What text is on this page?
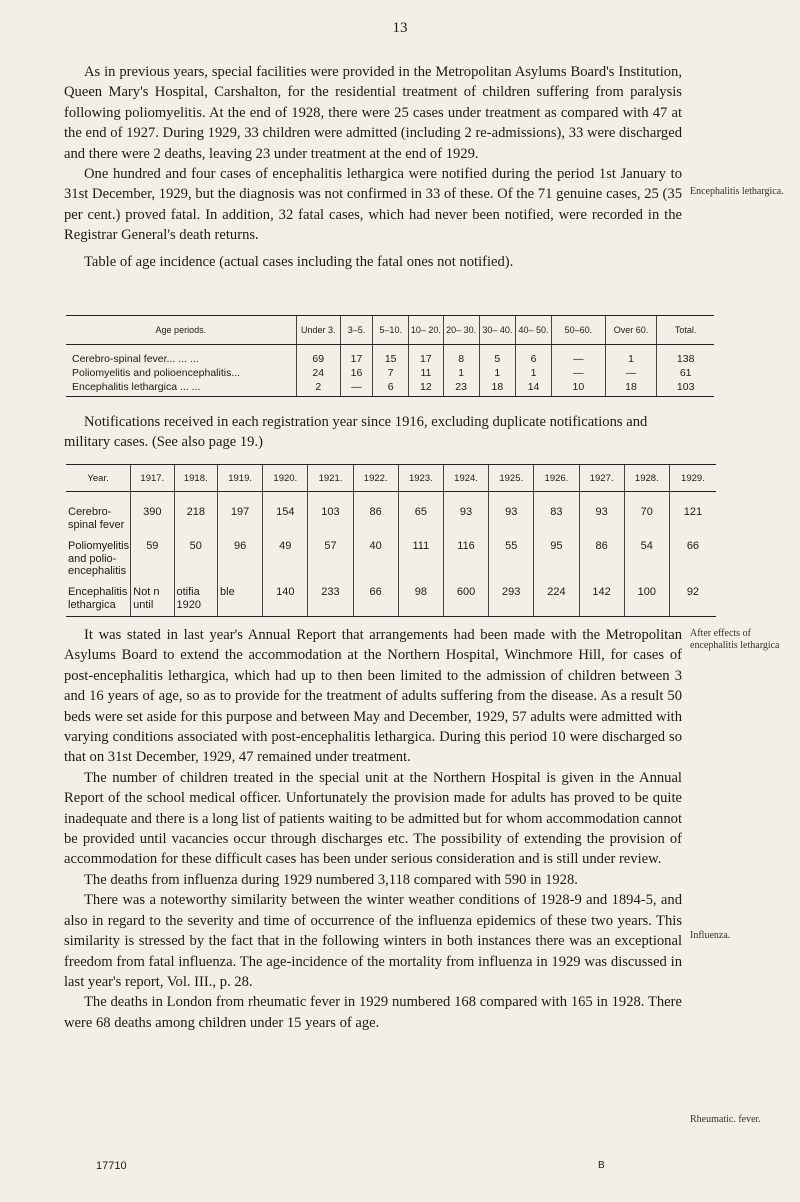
13

As in previous years, special facilities were provided in the Metropolitan Asylums Board's Institution, Queen Mary's Hospital, Carshalton, for the residential treatment of children suffering from paralysis following poliomyelitis. At the end of 1928, there were 25 cases under treatment as compared with 47 at the end of 1927. During 1929, 33 children were admitted (including 2 re-admissions), 33 were discharged and there were 2 deaths, leaving 23 under treatment at the end of 1929.

One hundred and four cases of encephalitis lethargica were notified during the period 1st January to 31st December, 1929, but the diagnosis was not confirmed in 33 of these. Of the 71 genuine cases, 25 (35 per cent.) proved fatal. In addition, 32 fatal cases, which had never been notified, were recorded in the Registrar General's death returns.

Table of age incidence (actual cases including the fatal ones not notified).

Encephalitis lethargica.
Age periods.	Under 3.	3–5.	5–10.	10– 20.	20– 30.	30– 40.	40– 50.	50–60.	Over 60.	Total.
Cerebro-spinal fever... ... ...	69	17	15	17	8	5	6	—	1	138
Poliomyelitis and polioencephalitis...	24	16	7	11	1	1	1	—	—	61
Encephalitis lethargica ... ...	2	—	6	12	23	18	14	10	18	103

Notifications received in each registration year since 1916, excluding duplicate notifications and military cases. (See also page 19.)

Year.	1917.	1918.	1919.	1920.	1921.	1922.	1923.	1924.	1925.	1926.	1927.	1928.	1929.
Cerebro-spinal fever	390	218	197	154	103	86	65	93	93	83	93	70	121
Poliomyelitis and polio- encephalitis	59	50	96	49	57	40	111	116	55	95	86	54	66
Encephalitis lethargica	Not n until	otifia 1920	ble	140	233	66	98	600	293	224	142	100	92

It was stated in last year's Annual Report that arrangements had been made with the Metropolitan Asylums Board to extend the accommodation at the Northern Hospital, Winchmore Hill, for cases of post-encephalitis lethargica, which had up to then been limited to the admission of children between 3 and 16 years of age, so as to provide for the treatment of adults suffering from the disease. As a result 50 beds were set aside for this purpose and between May and December, 1929, 57 adults were admitted with varying conditions associated with post-encephalitis lethargica. During this period 10 were discharged so that on 31st December, 1929, 47 remained under treatment.

The number of children treated in the special unit at the Northern Hospital is given in the Annual Report of the school medical officer. Unfortunately the provision made for adults has proved to be quite inadequate and there is a long list of patients waiting to be admitted but for whom accommodation cannot be provided until vacancies occur through discharges etc. The possibility of extending the provision of accommodation for these difficult cases has been under serious consideration and is still under review.

The deaths from influenza during 1929 numbered 3,118 compared with 590 in 1928.

There was a noteworthy similarity between the winter weather conditions of 1928-9 and 1894-5, and also in regard to the severity and time of occurrence of the influenza epidemics of these two years. This similarity is stressed by the fact that in the following winters in both instances there was an exceptional freedom from fatal influenza. The age-incidence of the mortality from influenza in 1929 was discussed in last year's report, Vol. III., p. 28.

The deaths in London from rheumatic fever in 1929 numbered 168 compared with 165 in 1928. There were 68 deaths among children under 15 years of age.

After effects of encephalitis lethargica
Influenza.
Rheumatic. fever.
17710	B
